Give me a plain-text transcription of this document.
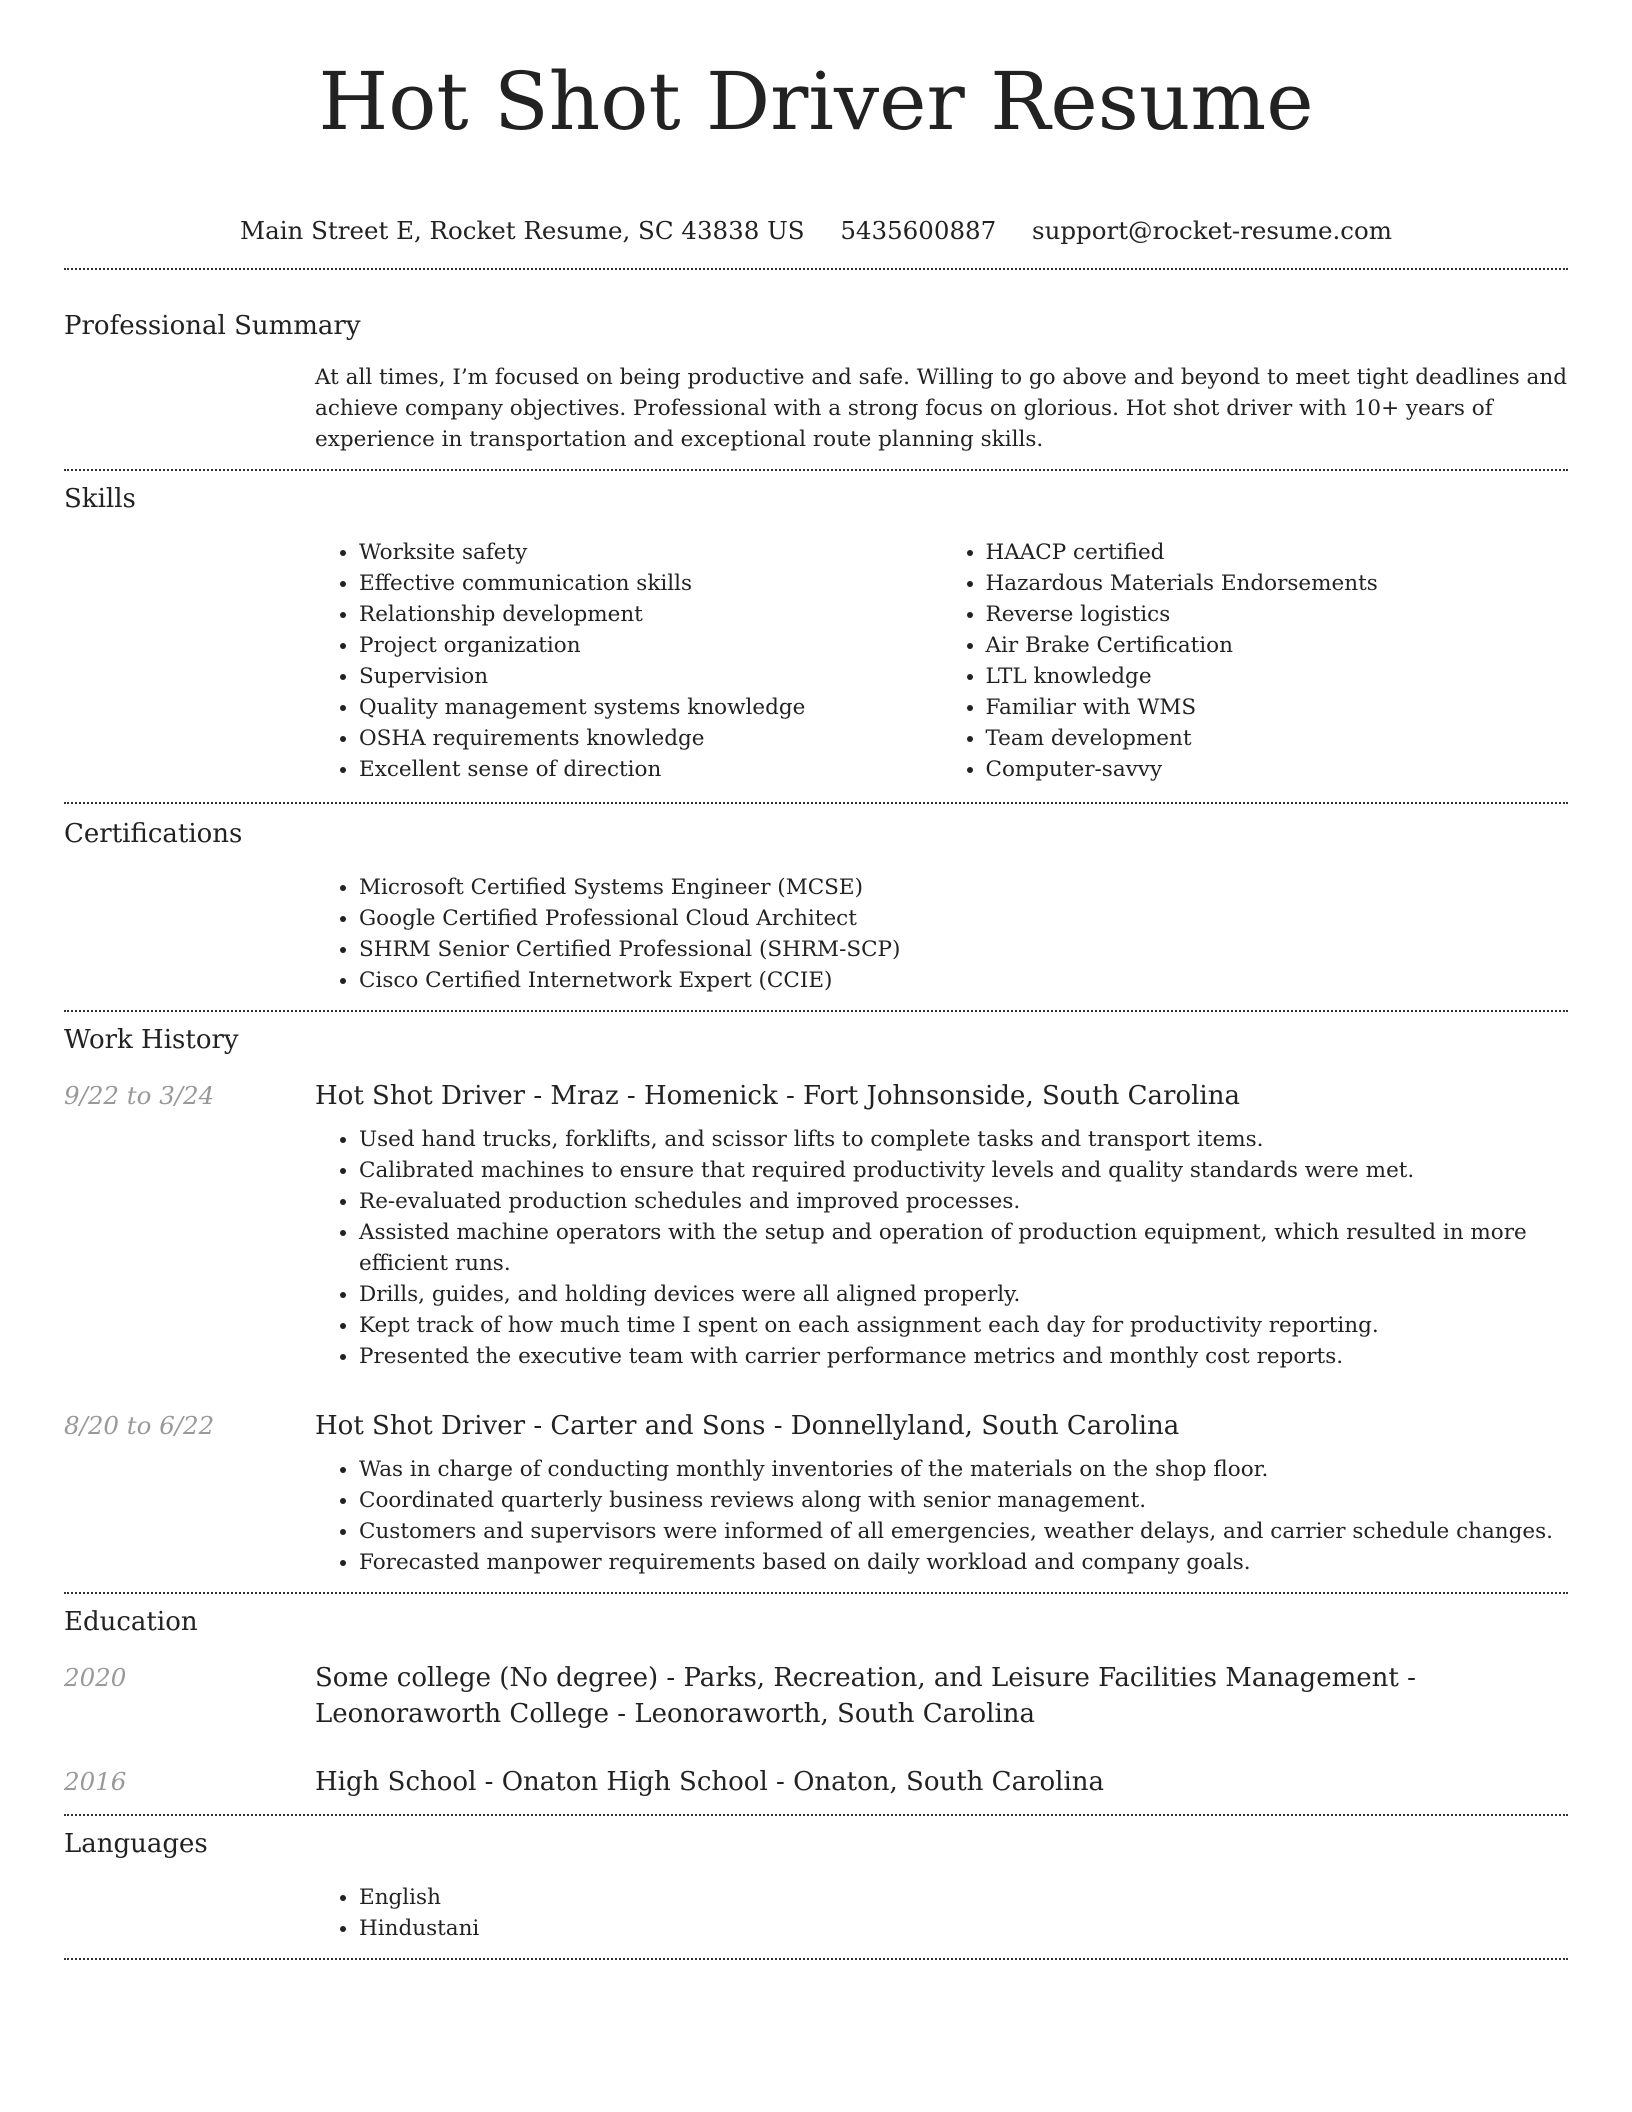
Hot Shot Driver Resume
Main Street E, Rocket Resume, SC 43838 US 5435600887 support@rocket-resume.com
Professional Summary
At all times, I’m focused on being productive and safe. Willing to go above and beyond to meet tight deadlines and achieve company objectives. Professional with a strong focus on glorious. Hot shot driver with 10+ years of experience in transportation and exceptional route planning skills.
Skills
• Worksite safety
• Effective communication skills
• Relationship development
• Project organization
• Supervision
• Quality management systems knowledge
• OSHA requirements knowledge
• Excellent sense of direction
• HAACP certified
• Hazardous Materials Endorsements
• Reverse logistics
• Air Brake Certification
• LTL knowledge
• Familiar with WMS
• Team development
• Computer-savvy
Certifications
• Microsoft Certified Systems Engineer (MCSE)
• Google Certified Professional Cloud Architect
• SHRM Senior Certified Professional (SHRM-SCP)
• Cisco Certified Internetwork Expert (CCIE)
Work History
9/22 to 3/24	Hot Shot Driver - Mraz - Homenick - Fort Johnsonside, South Carolina
• Used hand trucks, forklifts, and scissor lifts to complete tasks and transport items.
• Calibrated machines to ensure that required productivity levels and quality standards were met.
• Re-evaluated production schedules and improved processes.
• Assisted machine operators with the setup and operation of production equipment, which resulted in more efficient runs.
• Drills, guides, and holding devices were all aligned properly.
• Kept track of how much time I spent on each assignment each day for productivity reporting.
• Presented the executive team with carrier performance metrics and monthly cost reports.
8/20 to 6/22	Hot Shot Driver - Carter and Sons - Donnellyland, South Carolina
• Was in charge of conducting monthly inventories of the materials on the shop floor.
• Coordinated quarterly business reviews along with senior management.
• Customers and supervisors were informed of all emergencies, weather delays, and carrier schedule changes.
• Forecasted manpower requirements based on daily workload and company goals.
Education
2020	Some college (No degree) - Parks, Recreation, and Leisure Facilities Management - Leonoraworth College - Leonoraworth, South Carolina
2016	High School - Onaton High School - Onaton, South Carolina
Languages
• English
• Hindustani
